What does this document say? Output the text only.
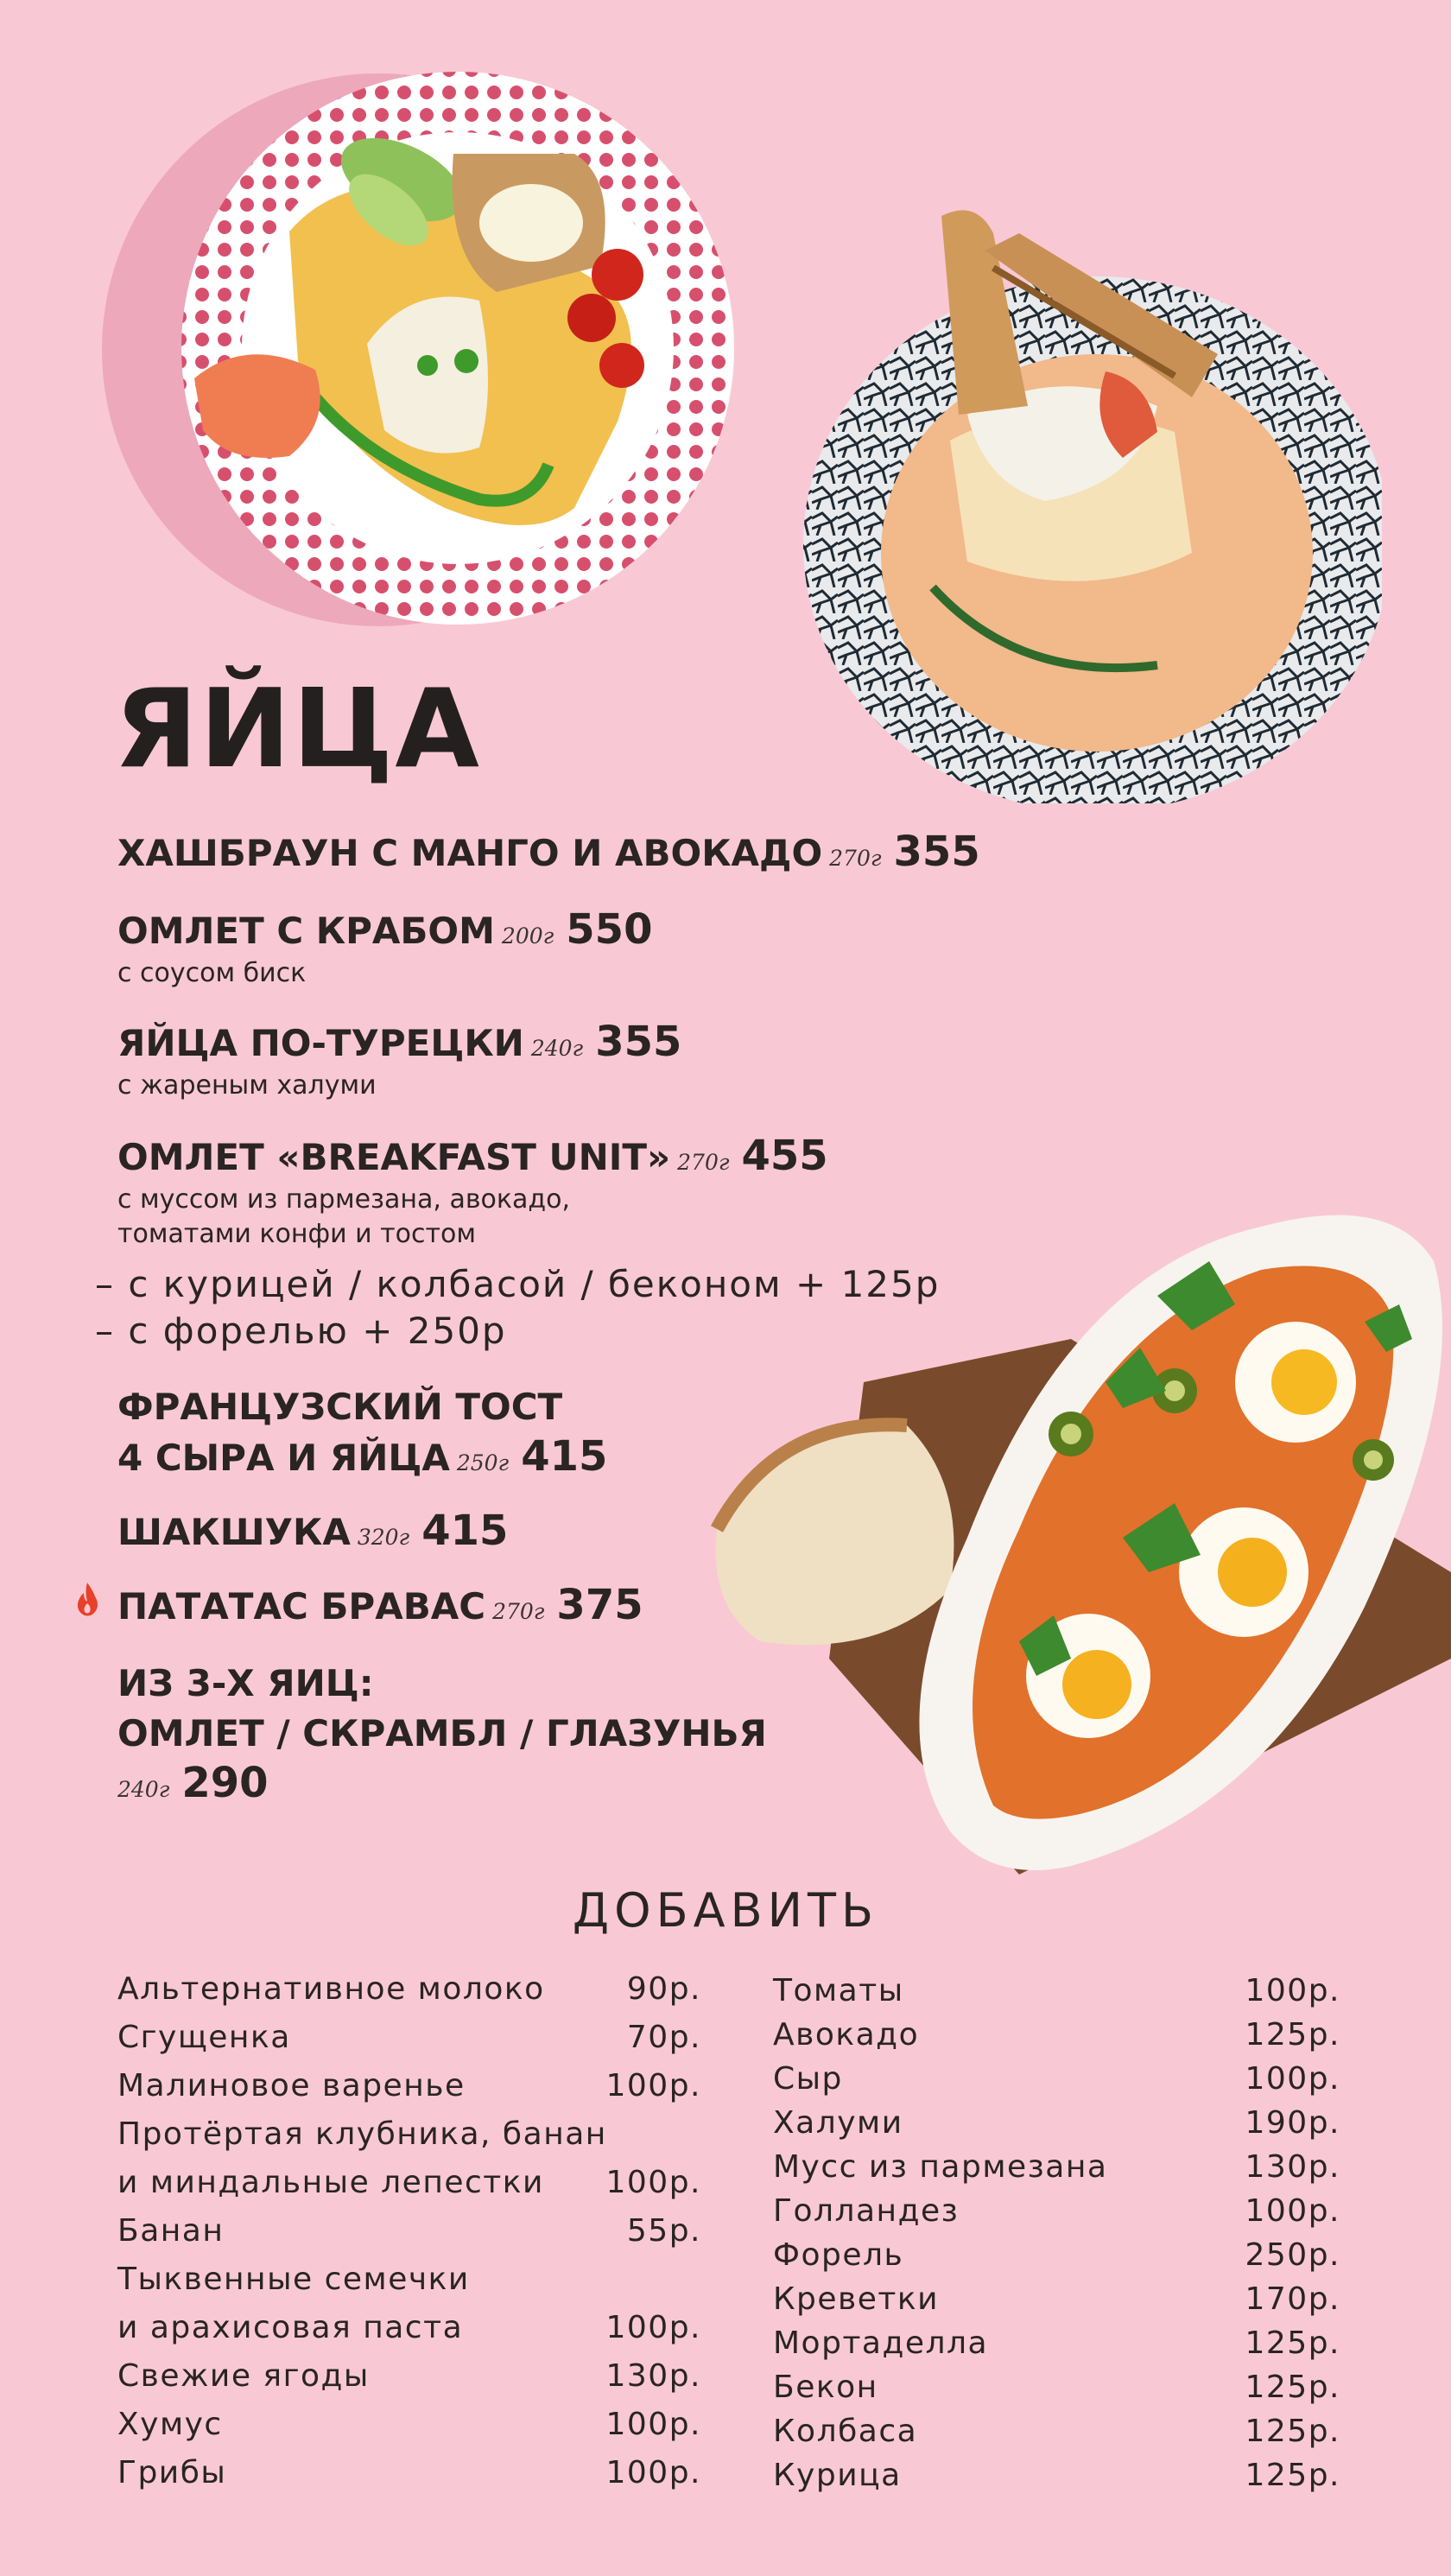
ЯЙЦА
ХАШБРАУН С МАНГО И АВОКАДО 270г 355
ОМЛЕТ С КРАБОМ 200г 550
с соусом биск
ЯЙЦА ПО-ТУРЕЦКИ 240г 355
с жареным халуми
ОМЛЕТ «BREAKFAST UNIT» 270г 455
с муссом из пармезана, авокадо,
томатами конфи и тостом
– с курицей / колбасой / беконом + 125р
– с форелью + 250р
ФРАНЦУЗСКИЙ ТОСТ
4 СЫРА И ЯЙЦА 250г 415
ШАКШУКА 320г 415
ПАТАТАС БРАВАС 270г 375
ИЗ 3-Х ЯИЦ:
ОМЛЕТ / СКРАМБЛ / ГЛАЗУНЬЯ
240г 290
ДОБАВИТЬ
Альтернативное молоко	90р.
Сгущенка	70р.
Малиновое варенье	100р.
Протёртая клубника, банан
и миндальные лепестки 100р.
Банан	55р.
Тыквенные семечки
и арахисовая паста	100р.
Свежие ягоды	130р.
Хумус	100р.
Грибы	100р.
Томаты	100р.
Авокадо	125р.
Сыр	100р.
Халуми	190р.
Мусс из пармезана	130р.
Голландез	100р.
Форель	250р.
Креветки	170р.
Мортаделла	125р.
Бекон	125р.
Колбаса	125р.
Курица	125р.
